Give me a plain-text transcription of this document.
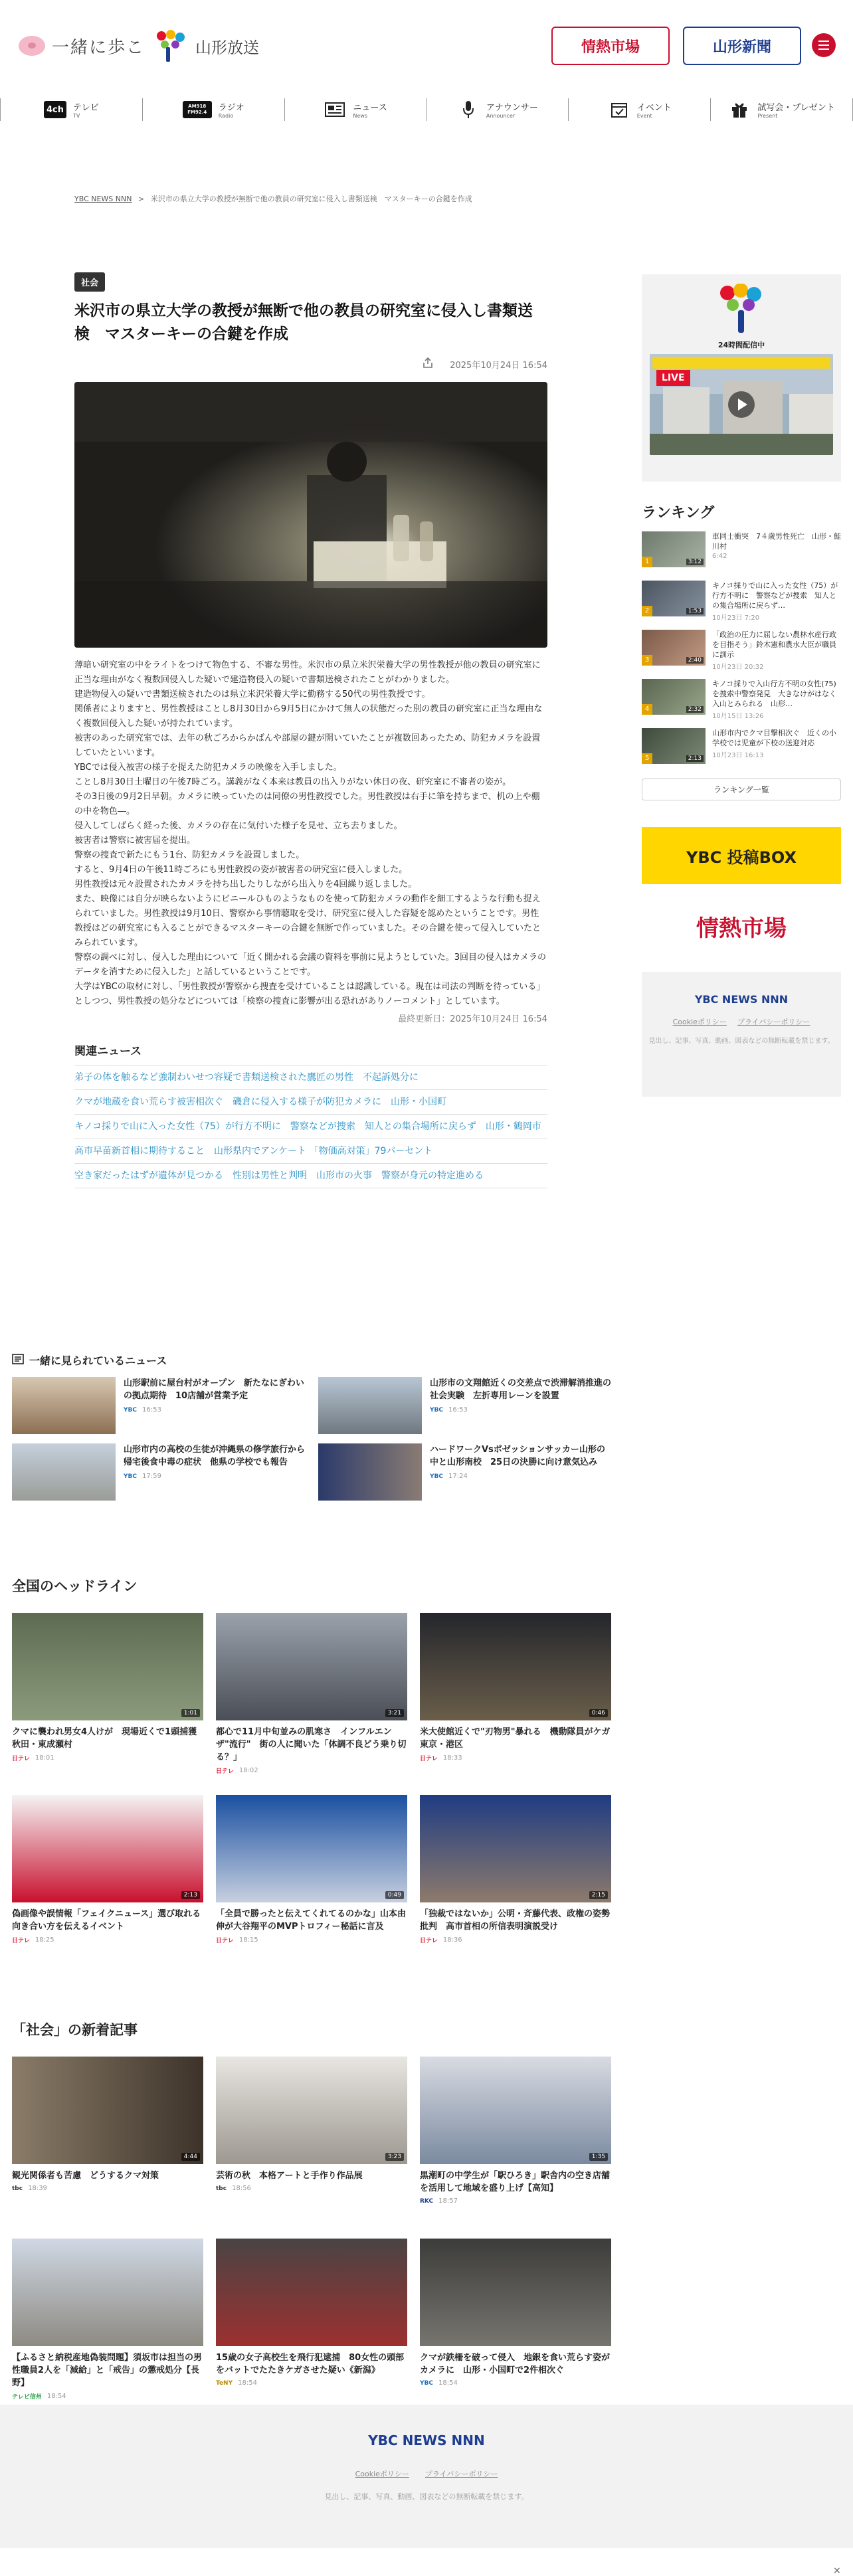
一緒に歩こ	山形放送	情熱市場	山形新聞
4ch	テレビ
TV
AM918 FM92.4	ラジオ
Radio
ニュース
News
アナウンサー
Announcer
イベント
Event
試写会・プレゼント
Present
YBC NEWS NNN > 米沢市の県立大学の教授が無断で他の教員の研究室に侵入し書類送検　マスターキーの合鍵を作成
社会
米沢市の県立大学の教授が無断で他の教員の研究室に侵入し書類送検　マスターキーの合鍵を作成
2025年10月24日 16:54

薄暗い研究室の中をライトをつけて物色する、不審な男性。米沢市の県立米沢栄養大学の男性教授が他の教員の研究室に正当な理由がなく複数回侵入した疑いで建造物侵入の疑いで書類送検されたことがわかりました。

建造物侵入の疑いで書類送検されたのは県立米沢栄養大学に勤務する50代の男性教授です。

関係者によりますと、男性教授はことし8月30日から9月5日にかけて無人の状態だった別の教員の研究室に正当な理由なく複数回侵入した疑いが持たれています。

被害のあった研究室では、去年の秋ごろからかばんや部屋の鍵が開いていたことが複数回あったため、防犯カメラを設置していたといいます。

YBCでは侵入被害の様子を捉えた防犯カメラの映像を入手しました。

ことし8月30日土曜日の午後7時ごろ。講義がなく本来は教員の出入りがない休日の夜、研究室に不審者の姿が。

その3日後の9月2日早朝。カメラに映っていたのは同僚の男性教授でした。男性教授は右手に筆を持ちまで、机の上や棚の中を物色―。

侵入してしばらく経った後、カメラの存在に気付いた様子を見せ、立ち去りました。

被害者は警察に被害届を提出。

警察の捜査で新たにもう1台、防犯カメラを設置しました。

すると、9月4日の午後11時ごろにも男性教授の姿が被害者の研究室に侵入しました。

男性教授は元々設置されたカメラを持ち出したりしながら出入りを4回繰り返しました。

また、映像には自分が映らないようにビニールひものようなものを使って防犯カメラの動作を細工するような行動も捉えられていました。男性教授は9月10日、警察から事情聴取を受け、研究室に侵入した容疑を認めたということです。男性教授はどの研究室にも入ることができるマスターキーの合鍵を無断で作っていました。その合鍵を使って侵入していたとみられています。

警察の調べに対し、侵入した理由について「近く開かれる会議の資料を事前に見ようとしていた。3回目の侵入はカメラのデータを消すために侵入した」と話しているということです。

大学はYBCの取材に対し、「男性教授が警察から捜査を受けていることは認識している。現在は司法の判断を待っている」としつつ、男性教授の処分などについては「検察の捜査に影響が出る恐れがありノーコメント」としています。

最終更新日：2025年10月24日 16:54
関連ニュース
弟子の体を触るなど強制わいせつ容疑で書類送検された鷹匠の男性　不起訴処分に
クマが地蔵を食い荒らす被害相次ぐ　磯倉に侵入する様子が防犯カメラに　山形・小国町
キノコ採りで山に入った女性（75）が行方不明に　警察などが捜索　知人との集合場所に戻らず　山形・鶴岡市
高市早苗新首相に期待すること　山形県内でアンケート 「物価高対策」79パーセント
空き家だったはずが遺体が見つかる　性別は男性と判明　山形市の火事　警察が身元の特定進める
24時間配信中
LIVE
ランキング
1	3:12
車同士衝突　7４歳男性死亡　山形・鮭川村
6:42
2	1:53
キノコ採りで山に入った女性（75）が行方不明に　警察などが捜索　知人との集合場所に戻らず…
10月23日 7:20
3	2:40
「政治の圧力に屈しない農林水産行政を目指そう」鈴木憲和農水大臣が職員に訓示
10月23日 20:32
4	2:32
キノコ採りで入山行方不明の女性(75)を捜索中警察発見　大きなけがはなく入山とみられる　山形…
10月15日 13:26
5	2:13
山形市内でクマ目撃相次ぐ　近くの小学校では児童が下校の送迎対応
10月23日 16:13
ランキング一覧
YBC 投稿BOX
情熱市場
YBC NEWS NNN
Cookieポリシー プライバシーポリシー
見出し、記事、写真、動画、図表などの無断転載を禁じます。
一緒に見られているニュース
山形駅前に屋台村がオープン　新たなにぎわいの拠点期待　10店舗が営業予定
YBC 16:53
山形市の文翔館近くの交差点で渋滞解消推進の社会実験　左折専用レーンを設置
YBC 16:53
山形市内の高校の生徒が沖縄県の修学旅行から帰宅後食中毒の症状　他県の学校でも報告
YBC 17:59
ハードワークVsポゼッションサッカー山形の中と山形南校　25日の決勝に向け意気込み
YBC 17:24
全国のヘッドライン
1:01
クマに襲われ男女4人けが　現場近くで1頭捕獲　秋田・東成瀬村
日テレ 18:01
3:21
都心で11月中旬並みの肌寒さ　インフルエンザ"流行"　街の人に聞いた「体調不良どう乗り切る？」
日テレ 18:02
0:46
米大使館近くで"刃物男"暴れる　機動隊員がケガ　東京・港区
日テレ 18:33
2:13
偽画像や誤情報「フェイクニュース」選び取れる向き合い方を伝えるイベント
日テレ 18:25
0:49
「全員で勝ったと伝えてくれてるのかな」山本由伸が大谷翔平のMVPトロフィー秘話に言及
日テレ 18:15
2:15
「独裁ではないか」公明・斉藤代表、政権の姿勢批判　高市首相の所信表明演説受け
日テレ 18:36
「社会」の新着記事
4:44
観光関係者も苦慮　どうするクマ対策
tbc 18:39
3:23
芸術の秋　本格アートと手作り作品展
tbc 18:56
1:35
黒潮町の中学生が「駅ひろき」駅舎内の空き店舗を活用して地域を盛り上げ【高知】
RKC 18:57
【ふるさと納税産地偽装問題】須坂市は担当の男性職員2人を「減給」と「戒告」の懲戒処分【長野】
テレビ信州 18:54
15歳の女子高校生を飛行犯逮捕　80女性の頭部をバットでたたきケガさせた疑い《新潟》
TeNY 18:54
クマが鉄柵を破って侵入　地銀を食い荒らす姿がカメラに　山形・小国町で2件相次ぐ
YBC 18:54
YBC NEWS NNN
Cookieポリシー プライバシーポリシー
見出し、記事、写真、動画、図表などの無断転載を禁じます。
×
